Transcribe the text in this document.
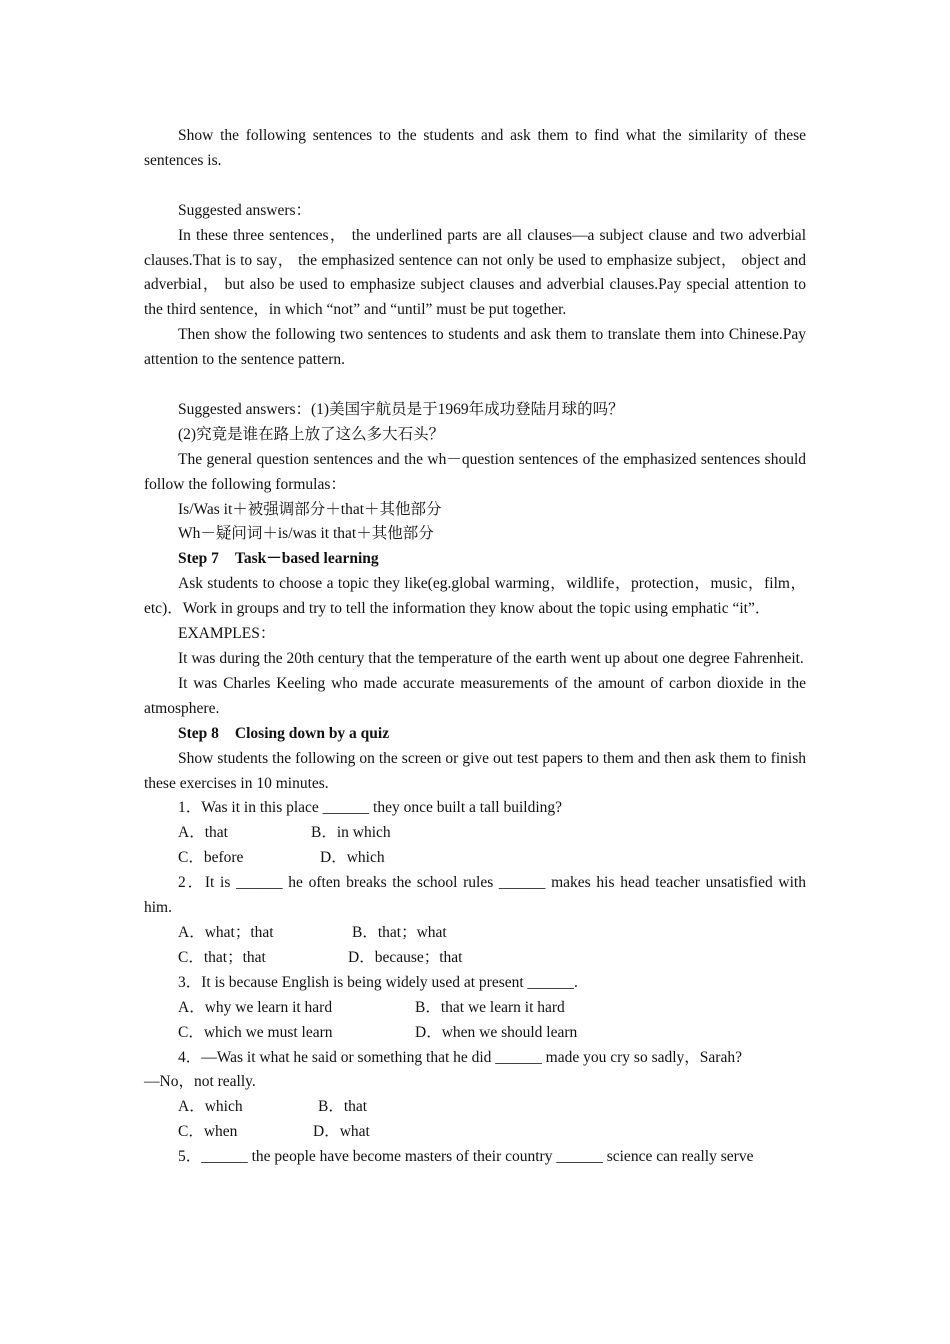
Show the following sentences to the students and ask them to find what the similarity of these sentences is.

Suggested answers：

In these three sentences， the underlined parts are all clauses—a subject clause and two adverbial clauses.That is to say， the emphasized sentence can not only be used to emphasize subject， object and adverbial， but also be used to emphasize subject clauses and adverbial clauses.Pay special attention to the third sentence，in which “not” and “until” must be put together.

Then show the following two sentences to students and ask them to translate them into Chinese.Pay attention to the sentence pattern.

Suggested answers：(1)美国宇航员是于1969年成功登陆月球的吗？

(2)究竟是谁在路上放了这么多大石头？

The general question sentences and the wh－question sentences of the emphasized sentences should follow the following formulas：

Is/Was it＋被强调部分＋that＋其他部分

Wh－疑问词＋is/was it that＋其他部分

Step 7 Task－based learning

Ask students to choose a topic they like(eg.global warming，wildlife，protection，music，film，etc)．Work in groups and try to tell the information they know about the topic using emphatic “it”．

EXAMPLES：

It was during the 20th century that the temperature of the earth went up about one degree Fahrenheit.

It was Charles Keeling who made accurate measurements of the amount of carbon dioxide in the atmosphere.

Step 8 Closing down by a quiz

Show students the following on the screen or give out test papers to them and then ask them to finish these exercises in 10 minutes.

1．Was it in this place ______ they once built a tall building?

A．that	B．in which

C．before	D．which

2．It is ______ he often breaks the school rules ______ makes his head teacher unsatisfied with him.

A．what；that	B．that；what

C．that；that	D．because；that

3．It is because English is being widely used at present ______.

A．why we learn it hard	B．that we learn it hard

C．which we must learn	D．when we should learn

4．—Was it what he said or something that he did ______ made you cry so sadly，Sarah?

—No，not really.

A．which	B．that

C．when	D．what

5．______ the people have become masters of their country ______ science can really serve
